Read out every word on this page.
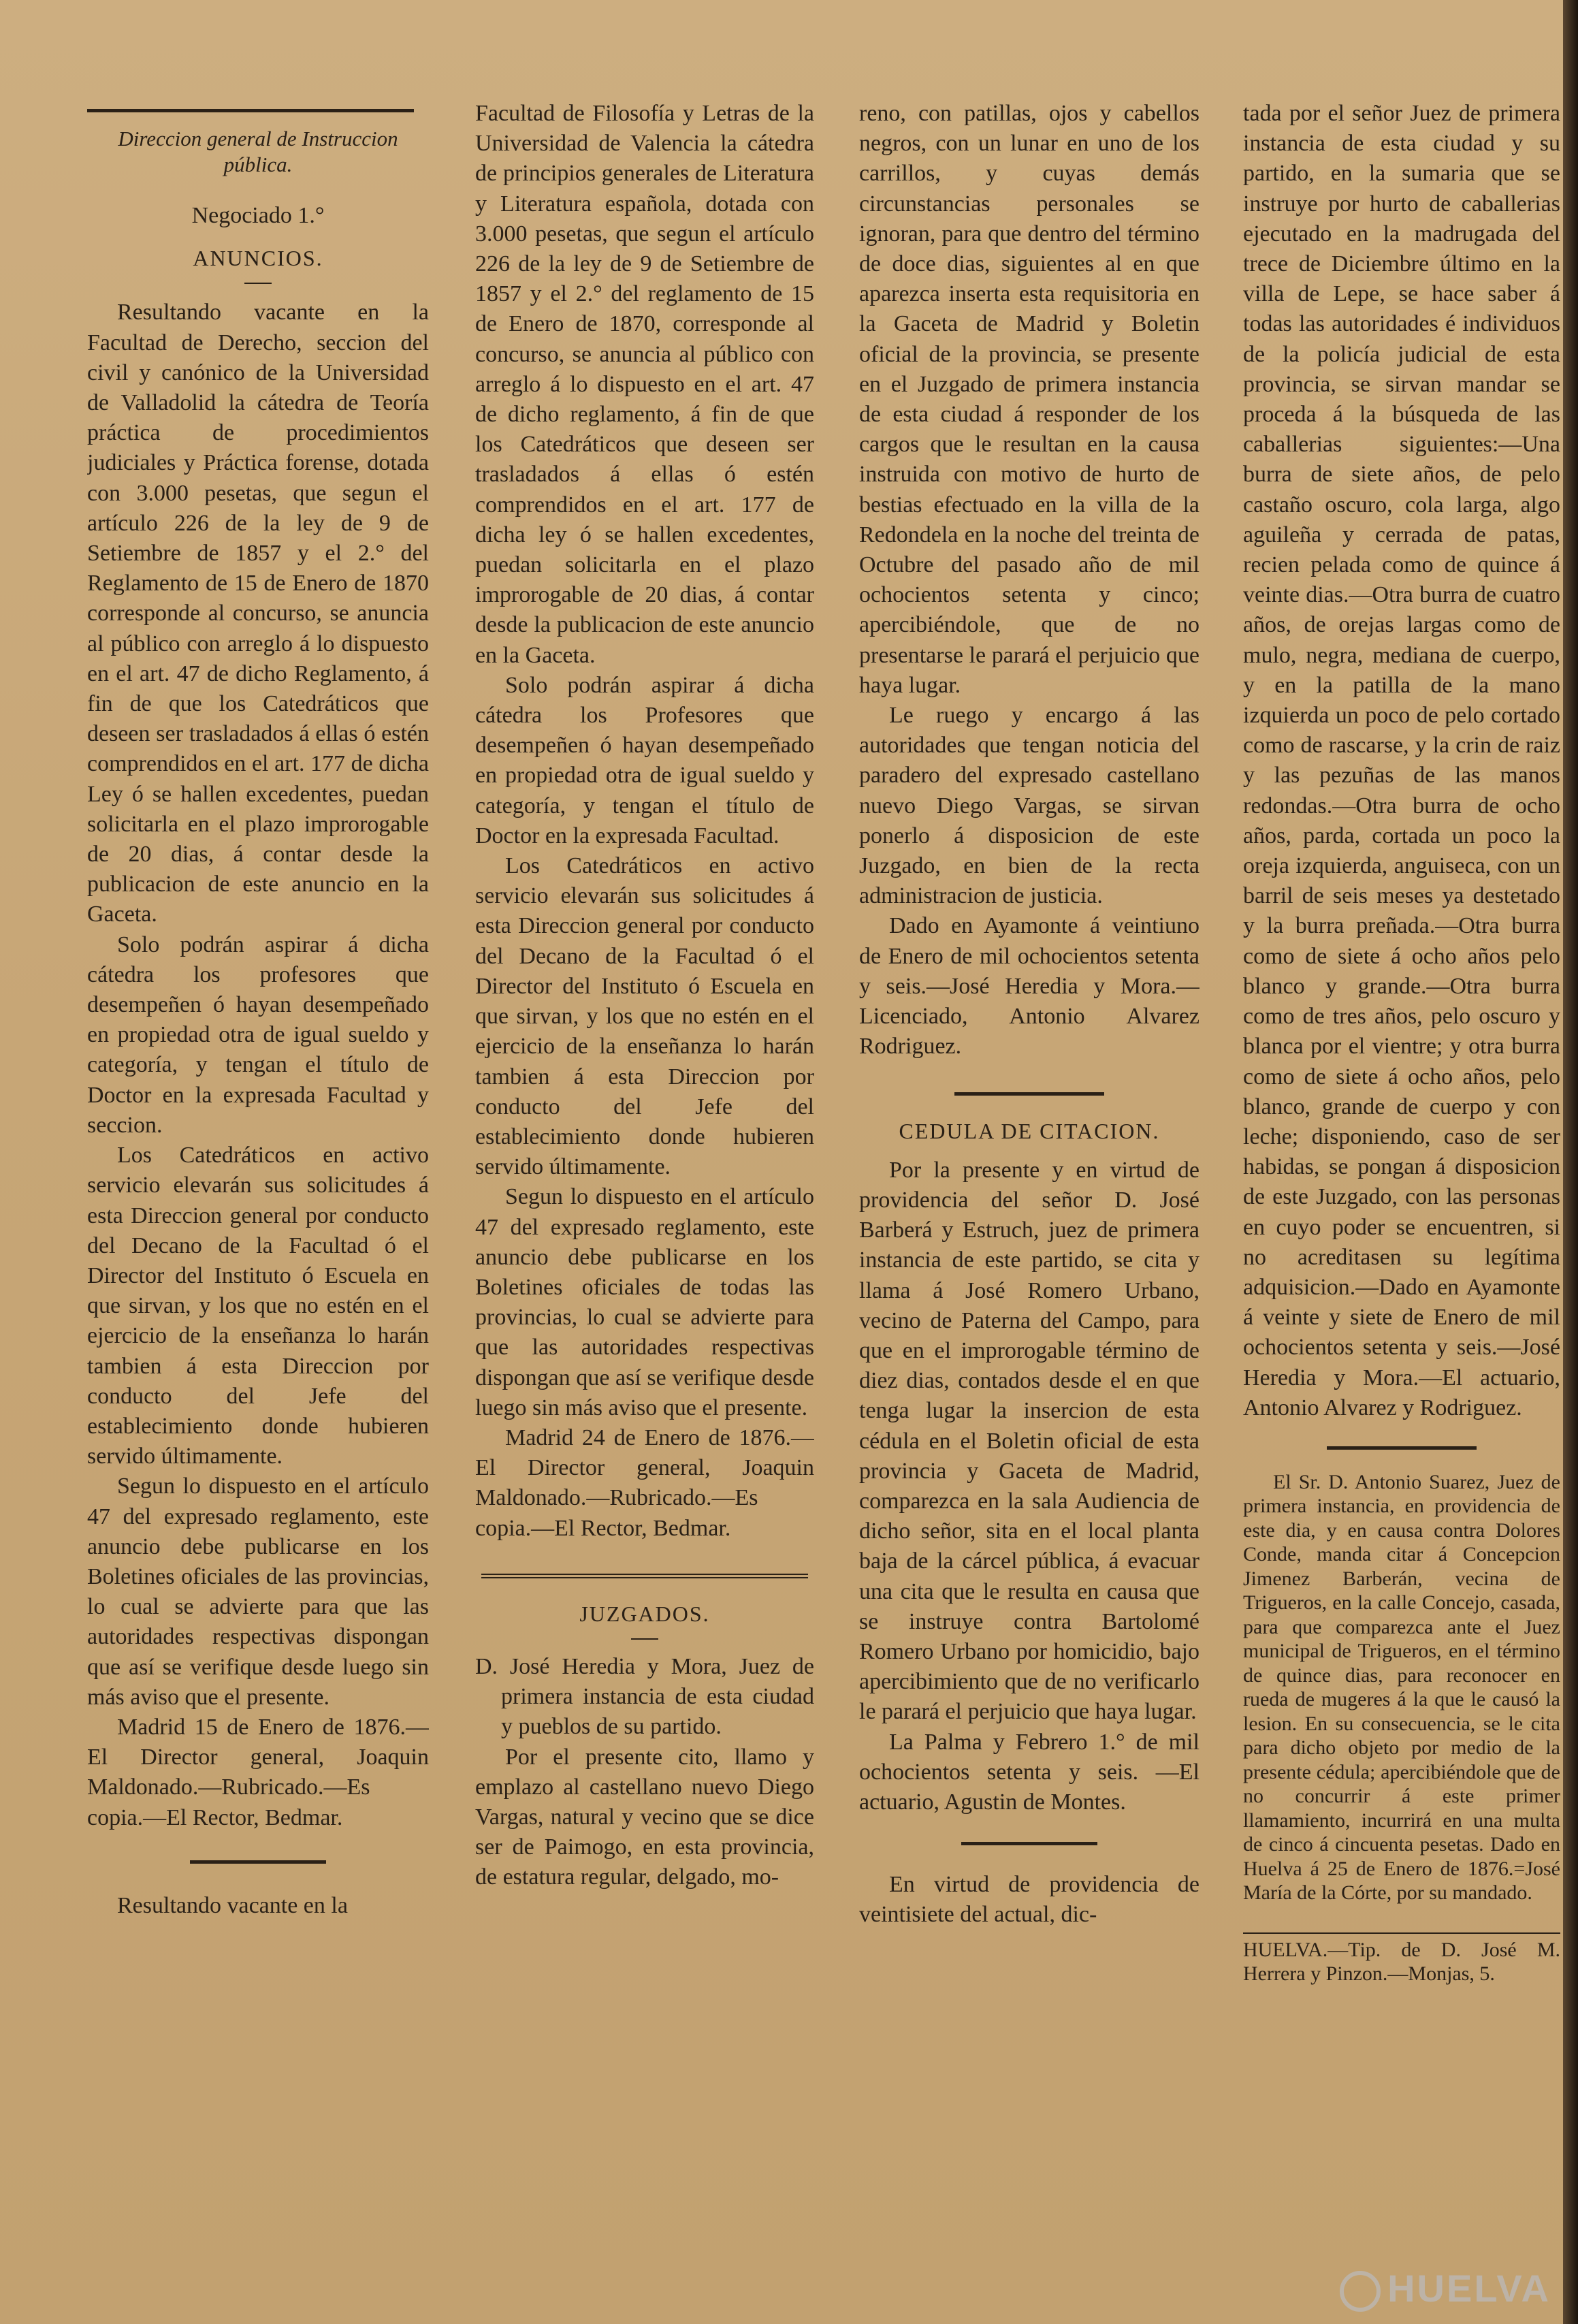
Direccion general de Instruccion pública.
Negociado 1.°
ANUNCIOS.

Resultando vacante en la Facultad de Derecho, seccion del civil y canónico de la Universidad de Valladolid la cátedra de Teoría práctica de procedimientos judiciales y Práctica forense, dotada con 3.000 pesetas, que segun el artículo 226 de la ley de 9 de Setiembre de 1857 y el 2.° del Reglamento de 15 de Enero de 1870 corresponde al concurso, se anuncia al público con arreglo á lo dispuesto en el art. 47 de dicho Reglamento, á fin de que los Catedráticos que deseen ser trasladados á ellas ó estén comprendidos en el art. 177 de dicha Ley ó se hallen excedentes, puedan solicitarla en el plazo improrogable de 20 dias, á contar desde la publicacion de este anuncio en la Gaceta.

Solo podrán aspirar á dicha cátedra los profesores que desempeñen ó hayan desempeñado en propiedad otra de igual sueldo y categoría, y tengan el título de Doctor en la expresada Facultad y seccion.

Los Catedráticos en activo servicio elevarán sus solicitudes á esta Direccion general por conducto del Decano de la Facultad ó el Director del Instituto ó Escuela en que sirvan, y los que no estén en el ejercicio de la enseñanza lo harán tambien á esta Direccion por conducto del Jefe del establecimiento donde hubieren servido últimamente.

Segun lo dispuesto en el artículo 47 del expresado reglamento, este anuncio debe publicarse en los Boletines oficiales de las provincias, lo cual se advierte para que las autoridades respectivas dispongan que así se verifique desde luego sin más aviso que el presente.

Madrid 15 de Enero de 1876.—El Director general, Joaquin Maldonado.—Rubricado.—Es copia.—El Rector, Bedmar.

Resultando vacante en la

Facultad de Filosofía y Letras de la Universidad de Valencia la cátedra de principios generales de Literatura y Literatura española, dotada con 3.000 pesetas, que segun el artículo 226 de la ley de 9 de Setiembre de 1857 y el 2.° del reglamento de 15 de Enero de 1870, corresponde al concurso, se anuncia al público con arreglo á lo dispuesto en el art. 47 de dicho reglamento, á fin de que los Catedráticos que deseen ser trasladados á ellas ó estén comprendidos en el art. 177 de dicha ley ó se hallen excedentes, puedan solicitarla en el plazo improrogable de 20 dias, á contar desde la publicacion de este anuncio en la Gaceta.

Solo podrán aspirar á dicha cátedra los Profesores que desempeñen ó hayan desempeñado en propiedad otra de igual sueldo y categoría, y tengan el título de Doctor en la expresada Facultad.

Los Catedráticos en activo servicio elevarán sus solicitudes á esta Direccion general por conducto del Decano de la Facultad ó el Director del Instituto ó Escuela en que sirvan, y los que no estén en el ejercicio de la enseñanza lo harán tambien á esta Direccion por conducto del Jefe del establecimiento donde hubieren servido últimamente.

Segun lo dispuesto en el artículo 47 del expresado reglamento, este anuncio debe publicarse en los Boletines oficiales de todas las provincias, lo cual se advierte para que las autoridades respectivas dispongan que así se verifique desde luego sin más aviso que el presente.

Madrid 24 de Enero de 1876.—El Director general, Joaquin Maldonado.—Rubricado.—Es copia.—El Rector, Bedmar.

JUZGADOS.

D. José Heredia y Mora, Juez de primera instancia de esta ciudad y pueblos de su partido.

Por el presente cito, llamo y emplazo al castellano nuevo Diego Vargas, natural y vecino que se dice ser de Paimogo, en esta provincia, de estatura regular, delgado, mo-

reno, con patillas, ojos y cabellos negros, con un lunar en uno de los carrillos, y cuyas demás circunstancias personales se ignoran, para que dentro del término de doce dias, siguientes al en que aparezca inserta esta requisitoria en la Gaceta de Madrid y Boletin oficial de la provincia, se presente en el Juzgado de primera instancia de esta ciudad á responder de los cargos que le resultan en la causa instruida con motivo de hurto de bestias efectuado en la villa de la Redondela en la noche del treinta de Octubre del pasado año de mil ochocientos setenta y cinco; apercibiéndole, que de no presentarse le parará el perjuicio que haya lugar.

Le ruego y encargo á las autoridades que tengan noticia del paradero del expresado castellano nuevo Diego Vargas, se sirvan ponerlo á disposicion de este Juzgado, en bien de la recta administracion de justicia.

Dado en Ayamonte á veintiuno de Enero de mil ochocientos setenta y seis.—José Heredia y Mora.—Licenciado, Antonio Alvarez Rodriguez.

CEDULA DE CITACION.

Por la presente y en virtud de providencia del señor D. José Barberá y Estruch, juez de primera instancia de este partido, se cita y llama á José Romero Urbano, vecino de Paterna del Campo, para que en el improrogable término de diez dias, contados desde el en que tenga lugar la insercion de esta cédula en el Boletin oficial de esta provincia y Gaceta de Madrid, comparezca en la sala Audiencia de dicho señor, sita en el local planta baja de la cárcel pública, á evacuar una cita que le resulta en causa que se instruye contra Bartolomé Romero Urbano por homicidio, bajo apercibimiento que de no verificarlo le parará el perjuicio que haya lugar.

La Palma y Febrero 1.° de mil ochocientos setenta y seis. —El actuario, Agustin de Montes.

En virtud de providencia de veintisiete del actual, dic-

tada por el señor Juez de primera instancia de esta ciudad y su partido, en la sumaria que se instruye por hurto de caballerias ejecutado en la madrugada del trece de Diciembre último en la villa de Lepe, se hace saber á todas las autoridades é individuos de la policía judicial de esta provincia, se sirvan mandar se proceda á la búsqueda de las caballerias siguientes:—Una burra de siete años, de pelo castaño oscuro, cola larga, algo aguileña y cerrada de patas, recien pelada como de quince á veinte dias.—Otra burra de cuatro años, de orejas largas como de mulo, negra, mediana de cuerpo, y en la patilla de la mano izquierda un poco de pelo cortado como de rascarse, y la crin de raiz y las pezuñas de las manos redondas.—Otra burra de ocho años, parda, cortada un poco la oreja izquierda, anguiseca, con un barril de seis meses ya destetado y la burra preñada.—Otra burra como de siete á ocho años pelo blanco y grande.—Otra burra como de tres años, pelo oscuro y blanca por el vientre; y otra burra como de siete á ocho años, pelo blanco, grande de cuerpo y con leche; disponiendo, caso de ser habidas, se pongan á disposicion de este Juzgado, con las personas en cuyo poder se encuentren, si no acreditasen su legítima adquisicion.—Dado en Ayamonte á veinte y siete de Enero de mil ochocientos setenta y seis.—José Heredia y Mora.—El actuario, Antonio Alvarez y Rodriguez.

El Sr. D. Antonio Suarez, Juez de primera instancia, en providencia de este dia, y en causa contra Dolores Conde, manda citar á Concepcion Jimenez Barberán, vecina de Trigueros, en la calle Concejo, casada, para que comparezca ante el Juez municipal de Trigueros, en el término de quince dias, para reconocer en rueda de mugeres á la que le causó la lesion. En su consecuencia, se le cita para dicho objeto por medio de la presente cédula; apercibiéndole que de no concurrir á este primer llamamiento, incurrirá en una multa de cinco á cincuenta pesetas. Dado en Huelva á 25 de Enero de 1876.=José María de la Córte, por su mandado.

HUELVA.—Tip. de D. José M. Herrera y Pinzon.—Monjas, 5.

HUELVA
